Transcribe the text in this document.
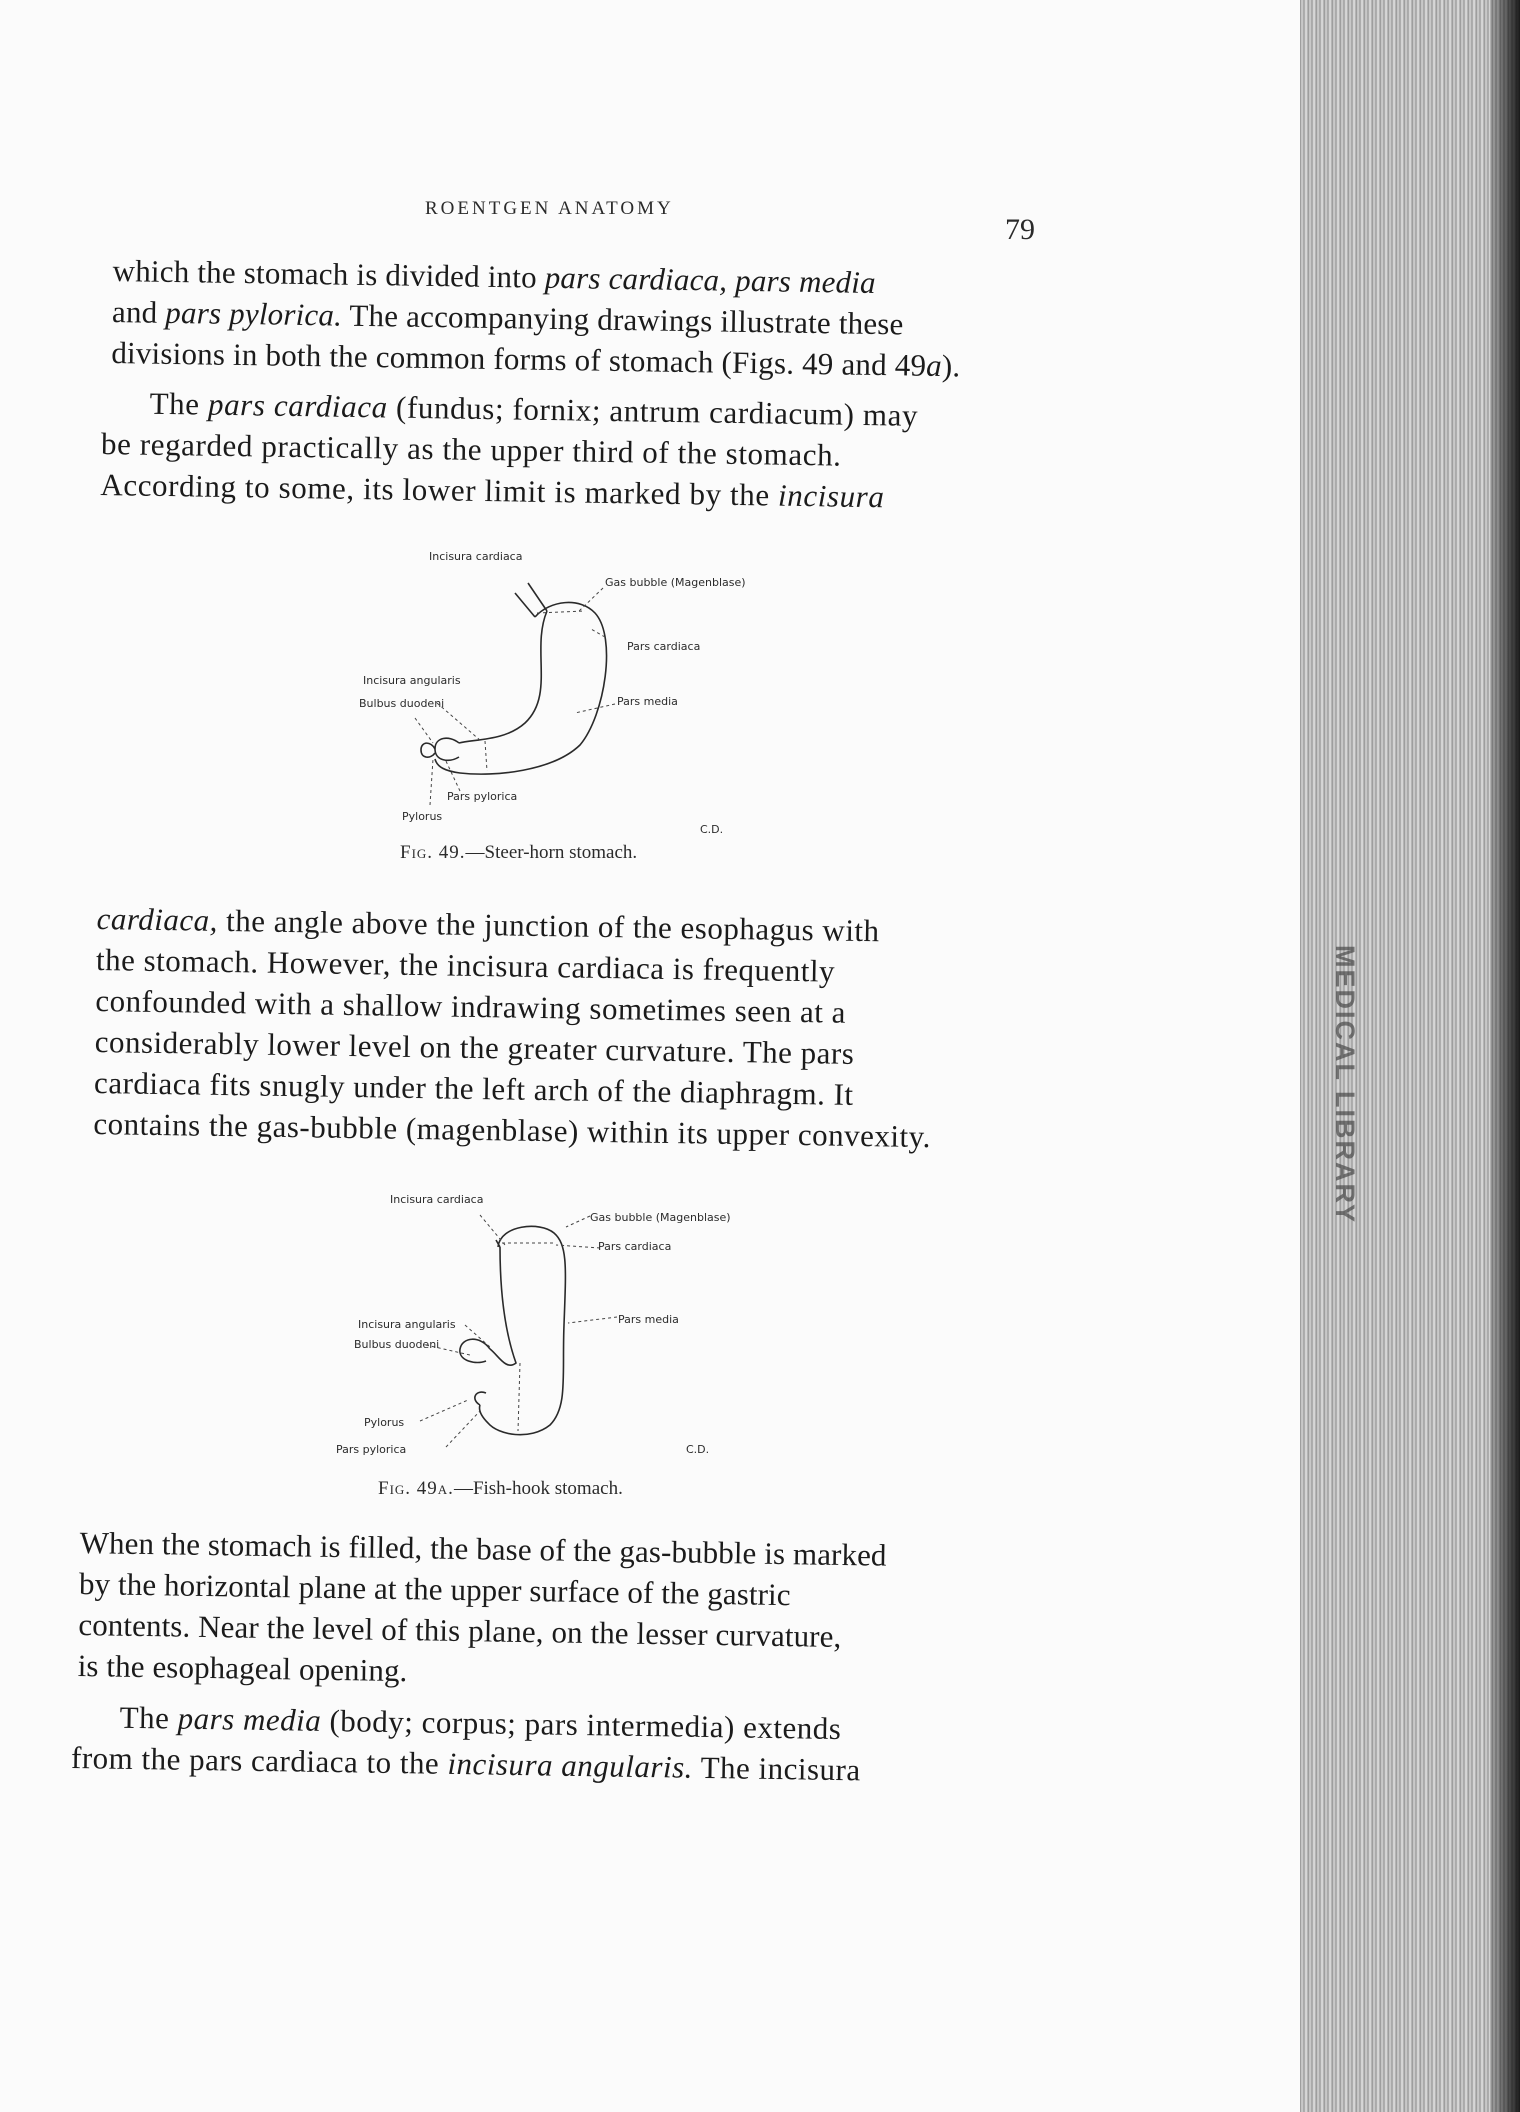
MEDICAL LIBRARY
ROENTGEN ANATOMY
79
which the stomach is divided into pars cardiaca, pars media
and pars pylorica. The accompanying drawings illustrate these
divisions in both the common forms of stomach (Figs. 49 and 49a).
The pars cardiaca (fundus; fornix; antrum cardiacum) may
be regarded practically as the upper third of the stomach.
According to some, its lower limit is marked by the incisura
Incisura cardiaca
Gas bubble (Magenblase)
Pars cardiaca
Incisura angularis
Pars media
Bulbus duodeni
Pars pylorica
Pylorus
C.D.
Fig. 49.—Steer-horn stomach.
cardiaca, the angle above the junction of the esophagus with
the stomach. However, the incisura cardiaca is frequently
confounded with a shallow indrawing sometimes seen at a
considerably lower level on the greater curvature. The pars
cardiaca fits snugly under the left arch of the diaphragm. It
contains the gas-bubble (magenblase) within its upper convexity.
Incisura cardiaca
Gas bubble (Magenblase)
Pars cardiaca
Incisura angularis	Pars media
Bulbus duodeni
Pylorus
Pars pylorica	C.D.
Fig. 49a.—Fish-hook stomach.
When the stomach is filled, the base of the gas-bubble is marked
by the horizontal plane at the upper surface of the gastric
contents. Near the level of this plane, on the lesser curvature,
is the esophageal opening.
The pars media (body; corpus; pars intermedia) extends
from the pars cardiaca to the incisura angularis. The incisura
